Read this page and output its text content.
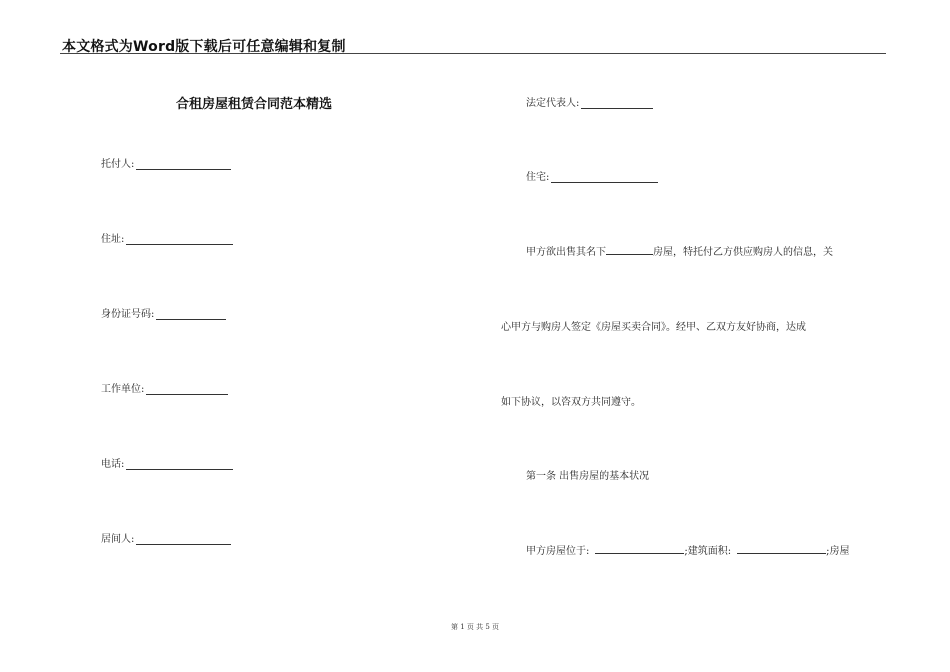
本文格式为Word版下载后可任意编辑和复制
合租房屋租赁合同范本精选
托付人:
住址:
身份证号码:
工作单位:
电话:
居间人:
法定代表人:
住宅:
甲方欲出售其名下	房屋，特托付乙方供应购房人的信息，关
心甲方与购房人签定《房屋买卖合同》。经甲、乙双方友好协商，达成
如下协议，以咨双方共同遵守。
第一条 出售房屋的基本状况
甲方房屋位于:	;建筑面积:	;房屋
第 1 页 共 5 页
